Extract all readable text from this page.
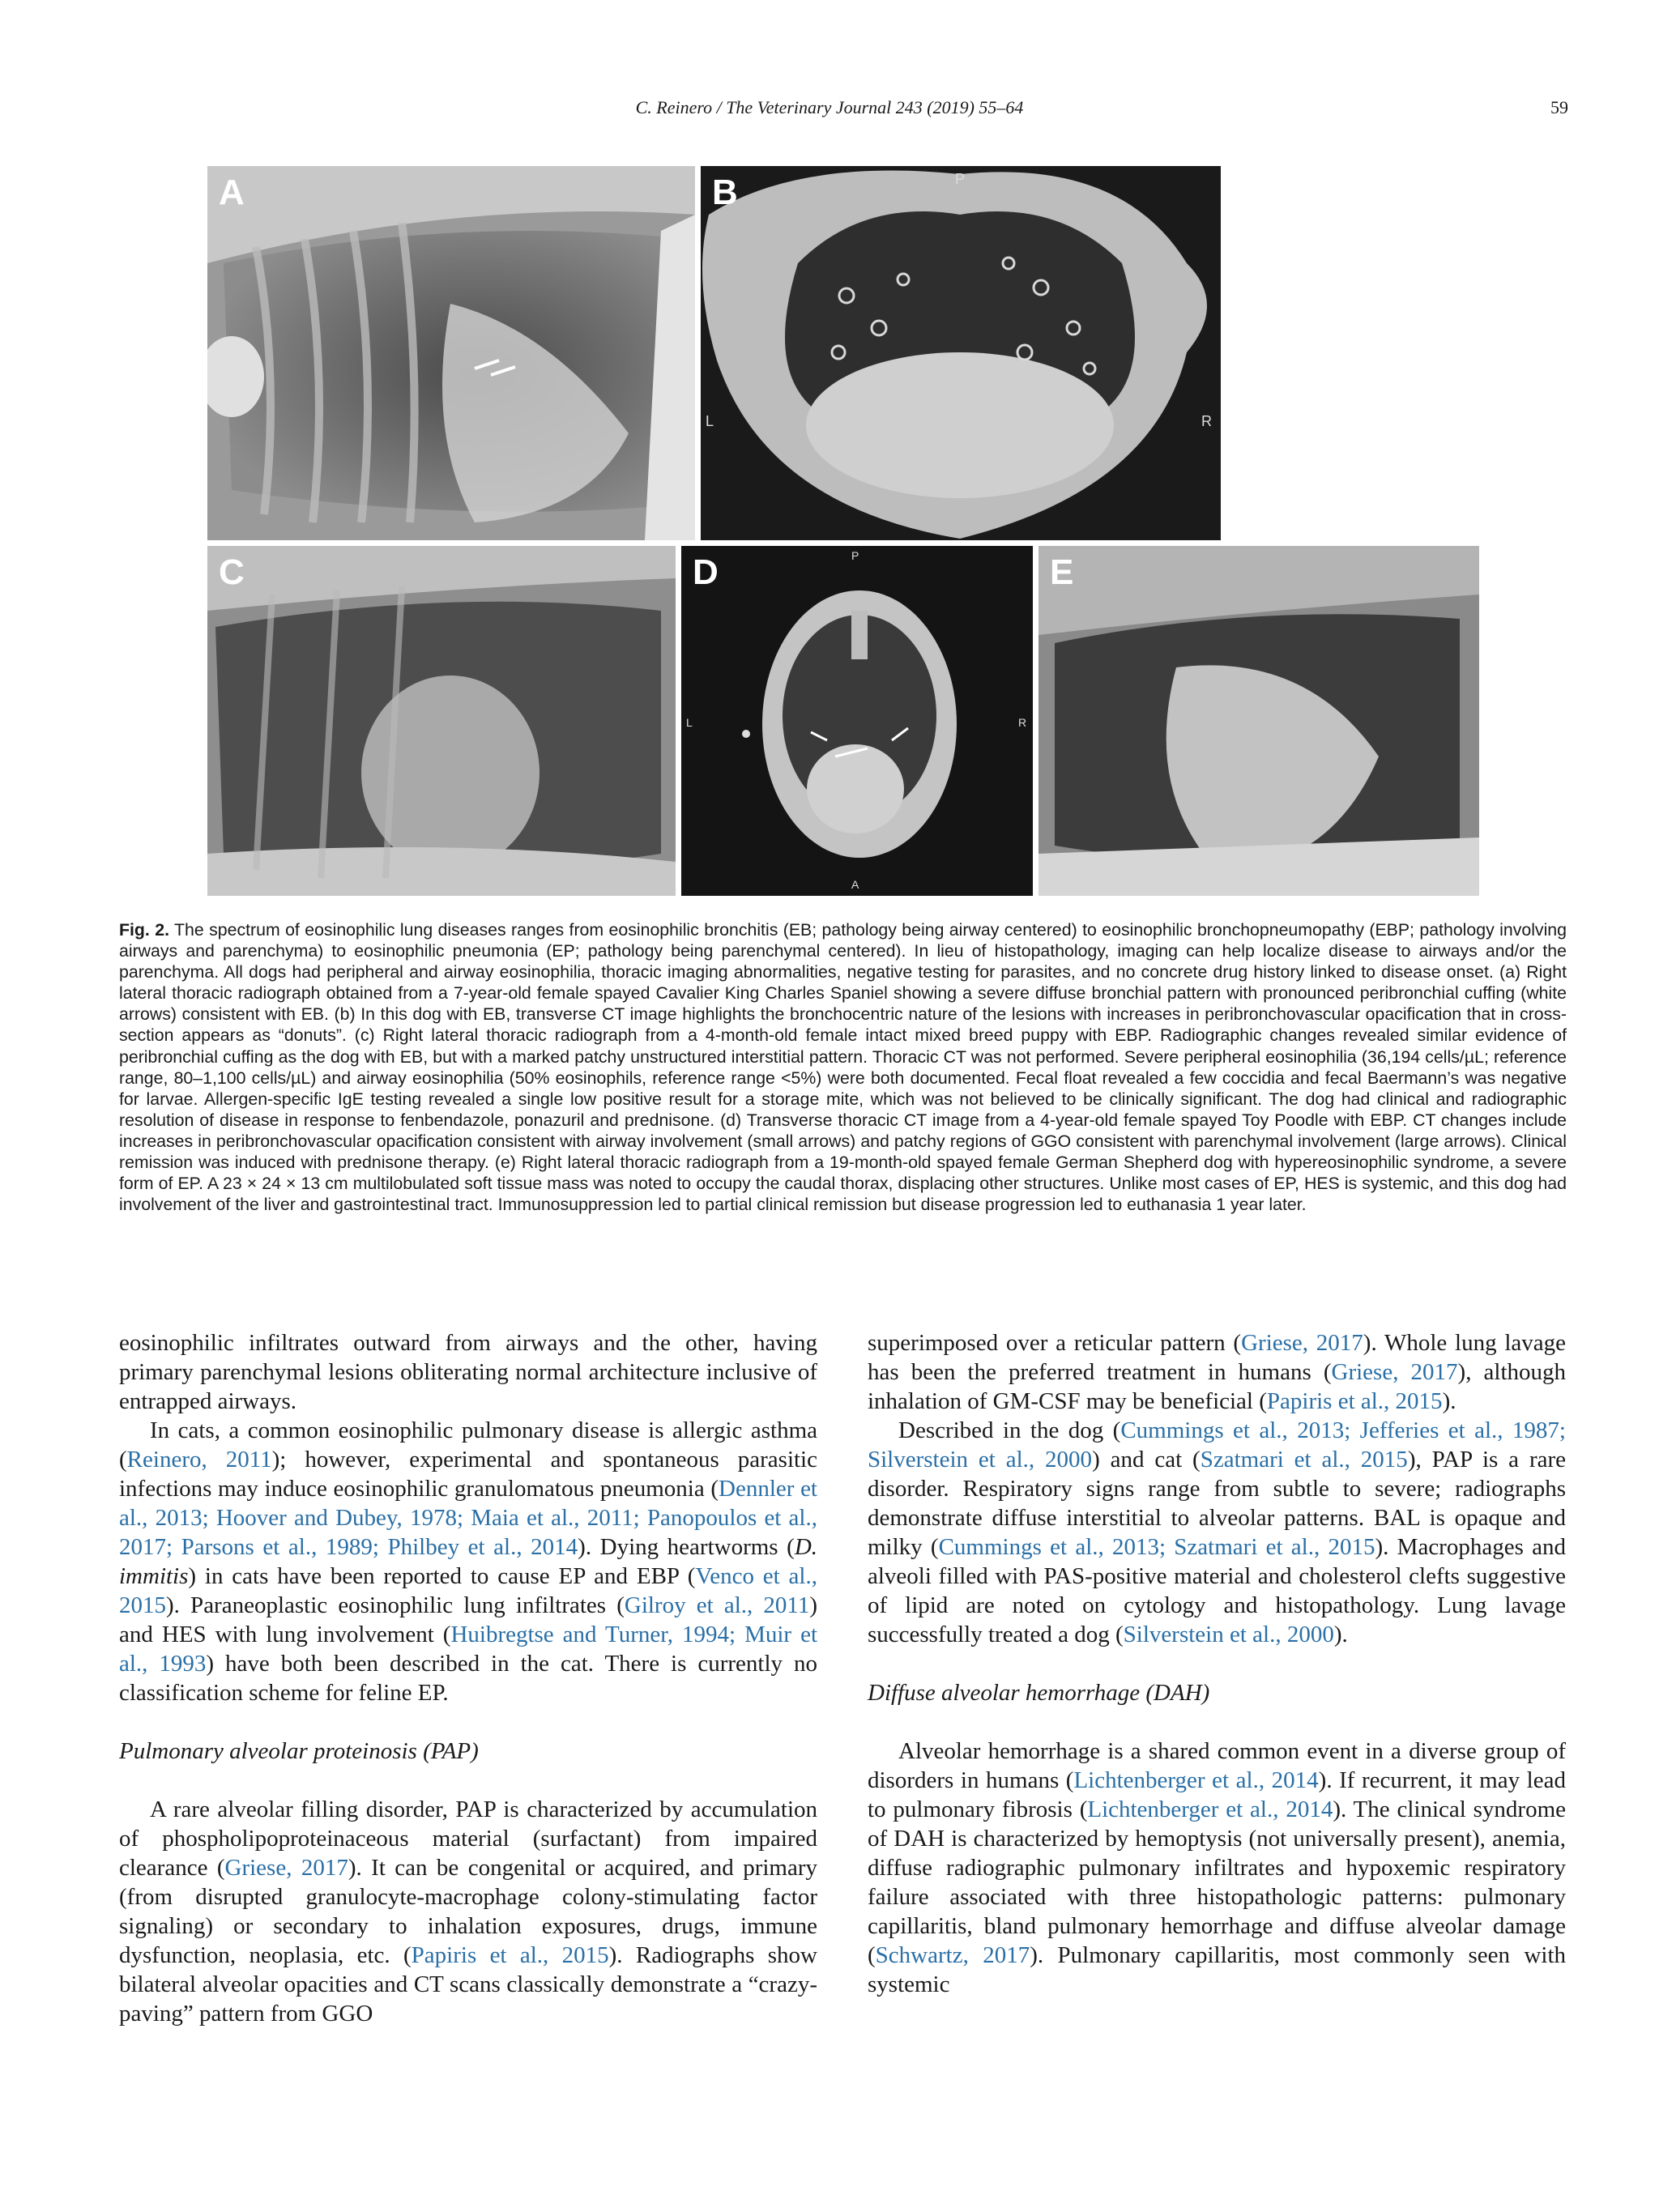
C. Reinero / The Veterinary Journal 243 (2019) 55–64	59
A	B	P
L	R
C	D	P
L	R
A
E
Fig. 2. The spectrum of eosinophilic lung diseases ranges from eosinophilic bronchitis (EB; pathology being airway centered) to eosinophilic bronchopneumopathy (EBP; pathology involving airways and parenchyma) to eosinophilic pneumonia (EP; pathology being parenchymal centered). In lieu of histopathology, imaging can help localize disease to airways and/or the parenchyma. All dogs had peripheral and airway eosinophilia, thoracic imaging abnormalities, negative testing for parasites, and no concrete drug history linked to disease onset. (a) Right lateral thoracic radiograph obtained from a 7-year-old female spayed Cavalier King Charles Spaniel showing a severe diffuse bronchial pattern with pronounced peribronchial cuffing (white arrows) consistent with EB. (b) In this dog with EB, transverse CT image highlights the bronchocentric nature of the lesions with increases in peribronchovascular opacification that in cross-section appears as “donuts”. (c) Right lateral thoracic radiograph from a 4-month-old female intact mixed breed puppy with EBP. Radiographic changes revealed similar evidence of peribronchial cuffing as the dog with EB, but with a marked patchy unstructured interstitial pattern. Thoracic CT was not performed. Severe peripheral eosinophilia (36,194 cells/µL; reference range, 80–1,100 cells/µL) and airway eosinophilia (50% eosinophils, reference range <5%) were both documented. Fecal float revealed a few coccidia and fecal Baermann’s was negative for larvae. Allergen-specific IgE testing revealed a single low positive result for a storage mite, which was not believed to be clinically significant. The dog had clinical and radiographic resolution of disease in response to fenbendazole, ponazuril and prednisone. (d) Transverse thoracic CT image from a 4-year-old female spayed Toy Poodle with EBP. CT changes include increases in peribronchovascular opacification consistent with airway involvement (small arrows) and patchy regions of GGO consistent with parenchymal involvement (large arrows). Clinical remission was induced with prednisone therapy. (e) Right lateral thoracic radiograph from a 19-month-old spayed female German Shepherd dog with hypereosinophilic syndrome, a severe form of EP. A 23 × 24 × 13 cm multilobulated soft tissue mass was noted to occupy the caudal thorax, displacing other structures. Unlike most cases of EP, HES is systemic, and this dog had involvement of the liver and gastrointestinal tract. Immunosuppression led to partial clinical remission but disease progression led to euthanasia 1 year later.

eosinophilic infiltrates outward from airways and the other, having primary parenchymal lesions obliterating normal architecture inclusive of entrapped airways.

In cats, a common eosinophilic pulmonary disease is allergic asthma (Reinero, 2011); however, experimental and spontaneous parasitic infections may induce eosinophilic granulomatous pneumonia (Dennler et al., 2013; Hoover and Dubey, 1978; Maia et al., 2011; Panopoulos et al., 2017; Parsons et al., 1989; Philbey et al., 2014). Dying heartworms (D. immitis) in cats have been reported to cause EP and EBP (Venco et al., 2015). Paraneoplastic eosinophilic lung infiltrates (Gilroy et al., 2011) and HES with lung involvement (Huibregtse and Turner, 1994; Muir et al., 1993) have both been described in the cat. There is currently no classification scheme for feline EP.

Pulmonary alveolar proteinosis (PAP)

A rare alveolar filling disorder, PAP is characterized by accumulation of phospholipoproteinaceous material (surfactant) from impaired clearance (Griese, 2017). It can be congenital or acquired, and primary (from disrupted granulocyte-macrophage colony-stimulating factor signaling) or secondary to inhalation exposures, drugs, immune dysfunction, neoplasia, etc. (Papiris et al., 2015). Radiographs show bilateral alveolar opacities and CT scans classically demonstrate a “crazy-paving” pattern from GGO

superimposed over a reticular pattern (Griese, 2017). Whole lung lavage has been the preferred treatment in humans (Griese, 2017), although inhalation of GM-CSF may be beneficial (Papiris et al., 2015).

Described in the dog (Cummings et al., 2013; Jefferies et al., 1987; Silverstein et al., 2000) and cat (Szatmari et al., 2015), PAP is a rare disorder. Respiratory signs range from subtle to severe; radiographs demonstrate diffuse interstitial to alveolar patterns. BAL is opaque and milky (Cummings et al., 2013; Szatmari et al., 2015). Macrophages and alveoli filled with PAS-positive material and cholesterol clefts suggestive of lipid are noted on cytology and histopathology. Lung lavage successfully treated a dog (Silverstein et al., 2000).

Diffuse alveolar hemorrhage (DAH)

Alveolar hemorrhage is a shared common event in a diverse group of disorders in humans (Lichtenberger et al., 2014). If recurrent, it may lead to pulmonary fibrosis (Lichtenberger et al., 2014). The clinical syndrome of DAH is characterized by hemoptysis (not universally present), anemia, diffuse radiographic pulmonary infiltrates and hypoxemic respiratory failure associated with three histopathologic patterns: pulmonary capillaritis, bland pulmonary hemorrhage and diffuse alveolar damage (Schwartz, 2017). Pulmonary capillaritis, most commonly seen with systemic
